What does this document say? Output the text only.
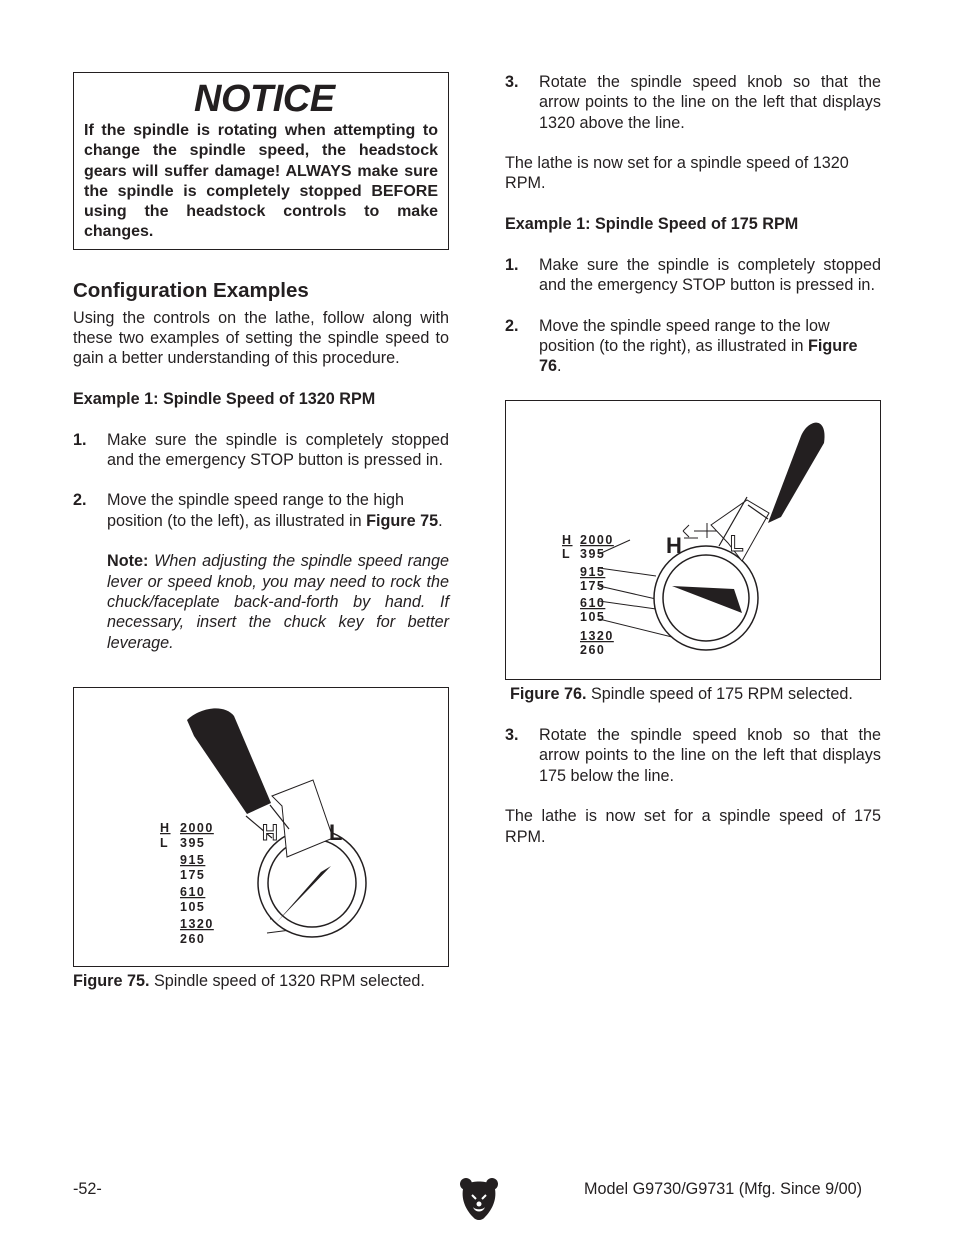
NOTICE

If the spindle is rotating when attempting to change the spindle speed, the headstock gears will suffer damage! ALWAYS make sure the spindle is completely stopped BEFORE using the headstock controls to make changes.

Configuration Examples

Using the controls on the lathe, follow along with these two examples of setting the spindle speed to gain a better understanding of this procedure.

Example 1: Spindle Speed of 1320 RPM

1. Make sure the spindle is completely stopped and the emergency STOP button is pressed in.

2. Move the spindle speed range to the high position (to the left), as illustrated in Figure 75.

Note: When adjusting the spindle speed range lever or speed knob, you may need to rock the chuck/faceplate back-and-forth by hand. If necessary, insert the chuck key for better leverage.

H L
H
L
2000
395
915
175
610
105
1320
260

Figure 75. Spindle speed of 1320 RPM selected.

3. Rotate the spindle speed knob so that the arrow points to the line on the left that displays 1320 above the line.

The lathe is now set for a spindle speed of 1320 RPM.

Example 1: Spindle Speed of 175 RPM

1. Make sure the spindle is completely stopped and the emergency STOP button is pressed in.

2. Move the spindle speed range to the low position (to the right), as illustrated in Figure 76.

H L
H
L
2000
395
915
175
610
105
1320
260

Figure 76. Spindle speed of 175 RPM selected.

3. Rotate the spindle speed knob so that the arrow points to the line on the left that displays 175 below the line.

The lathe is now set for a spindle speed of 175 RPM.

-52-	Model G9730/G9731 (Mfg. Since 9/00)
